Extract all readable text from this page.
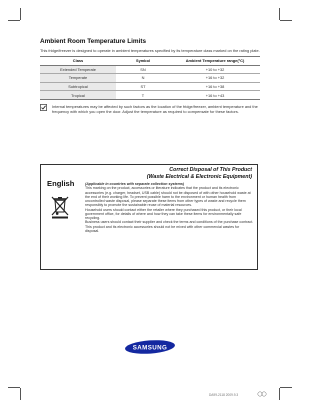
Ambient Room Temperature Limits
This fridge/freezer is designed to operate in ambient temperatures specified by its temperature class marked on the rating plate.
Class	Symbol	Ambient Temperature range(°C)
Extended Temperate	SN	+10 to +32
Temperate	N	+16 to +32
Subtropical	ST	+16 to +38
Tropical	T	+16 to +43
Internal temperatures may be affected by such factors as the location of the fridge/freezer, ambient temperature and the frequency with which you open the door. Adjust the temperature as required to compensate for these factors.
English
Correct Disposal of This Product
(Waste Electrical & Electronic Equipment)
(Applicable in countries with separate collection systems)

This marking on the product, accessories or literature indicates that the product and its electronic accessories (e.g. charger, headset, USB cable) should not be disposed of with other household waste at the end of their working life. To prevent possible harm to the environment or human health from uncontrolled waste disposal, please separate these items from other types of waste and recycle them responsibly to promote the sustainable reuse of material resources.

Household users should contact either the retailer where they purchased this product, or their local government office, for details of where and how they can take these items for environmentally safe recycling.

Business users should contact their supplier and check the terms and conditions of the purchase contract. This product and its electronic accessories should not be mixed with other commercial wastes for disposal.

SAMSUNG
DA99-2118 2009.9.3
